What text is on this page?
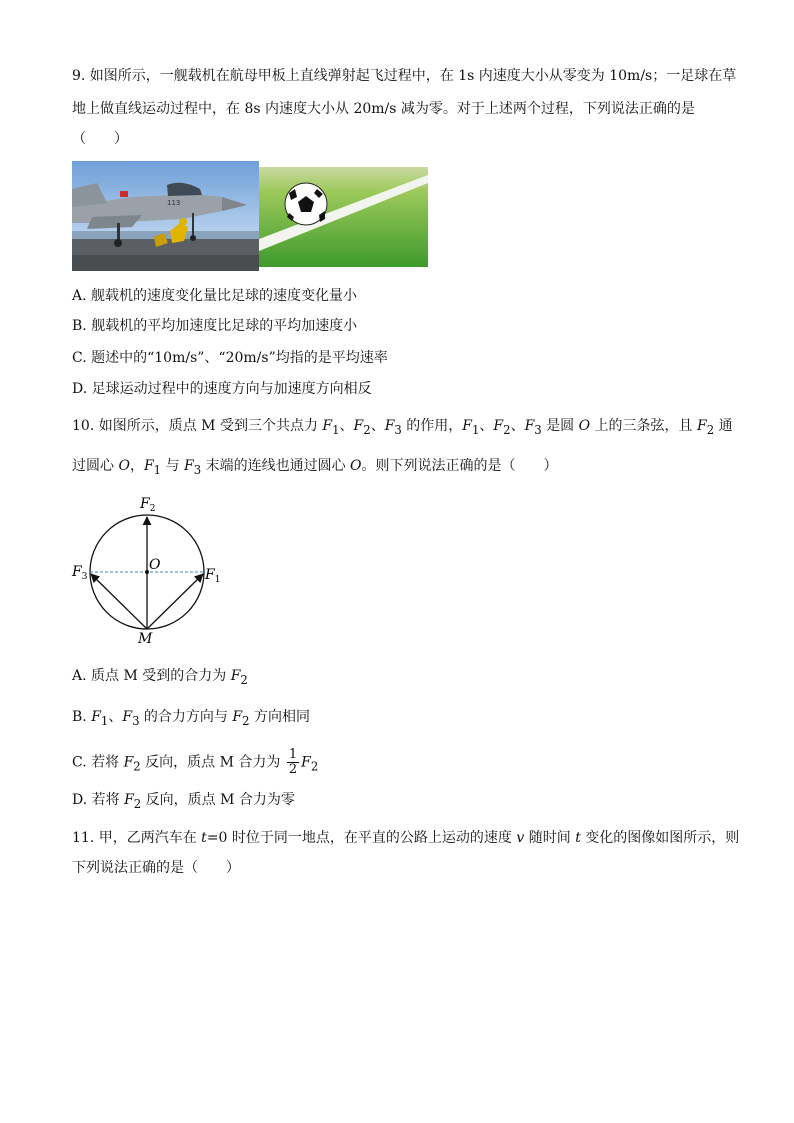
9. 如图所示，一舰载机在航母甲板上直线弹射起飞过程中，在 1s 内速度大小从零变为 10m/s；一足球在草
地上做直线运动过程中，在 8s 内速度大小从 20m/s 减为零。对于上述两个过程，下列说法正确的是
（　　）
113
A. 舰载机的速度变化量比足球的速度变化量小
B. 舰载机的平均加速度比足球的平均加速度小
C. 题述中的“10m/s”、“20m/s”均指的是平均速率
D. 足球运动过程中的速度方向与加速度方向相反
10. 如图所示，质点 M 受到三个共点力 $F_1$、$F_2$、$F_3$ 的作用，$F_1$、$F_2$、$F_3$ 是圆 O 上的三条弦，且 $F_2$ 通
过圆心 O，$F_1$ 与 $F_3$ 末端的连线也通过圆心 O。则下列说法正确的是（　　）
$F_2$
$F_1$
$F_3$
O
M
A. 质点 M 受到的合力为 $F_2$
B. $F_1$、$F_3$ 的合力方向与 $F_2$ 方向相同
C. 若将 $F_2$ 反向，质点 M 合力为 $\frac{1}{2} F_2$
D. 若将 $F_2$ 反向，质点 M 合力为零
11. 甲，乙两汽车在 t=0 时位于同一地点，在平直的公路上运动的速度 v 随时间 t 变化的图像如图所示，则
下列说法正确的是（　　）
